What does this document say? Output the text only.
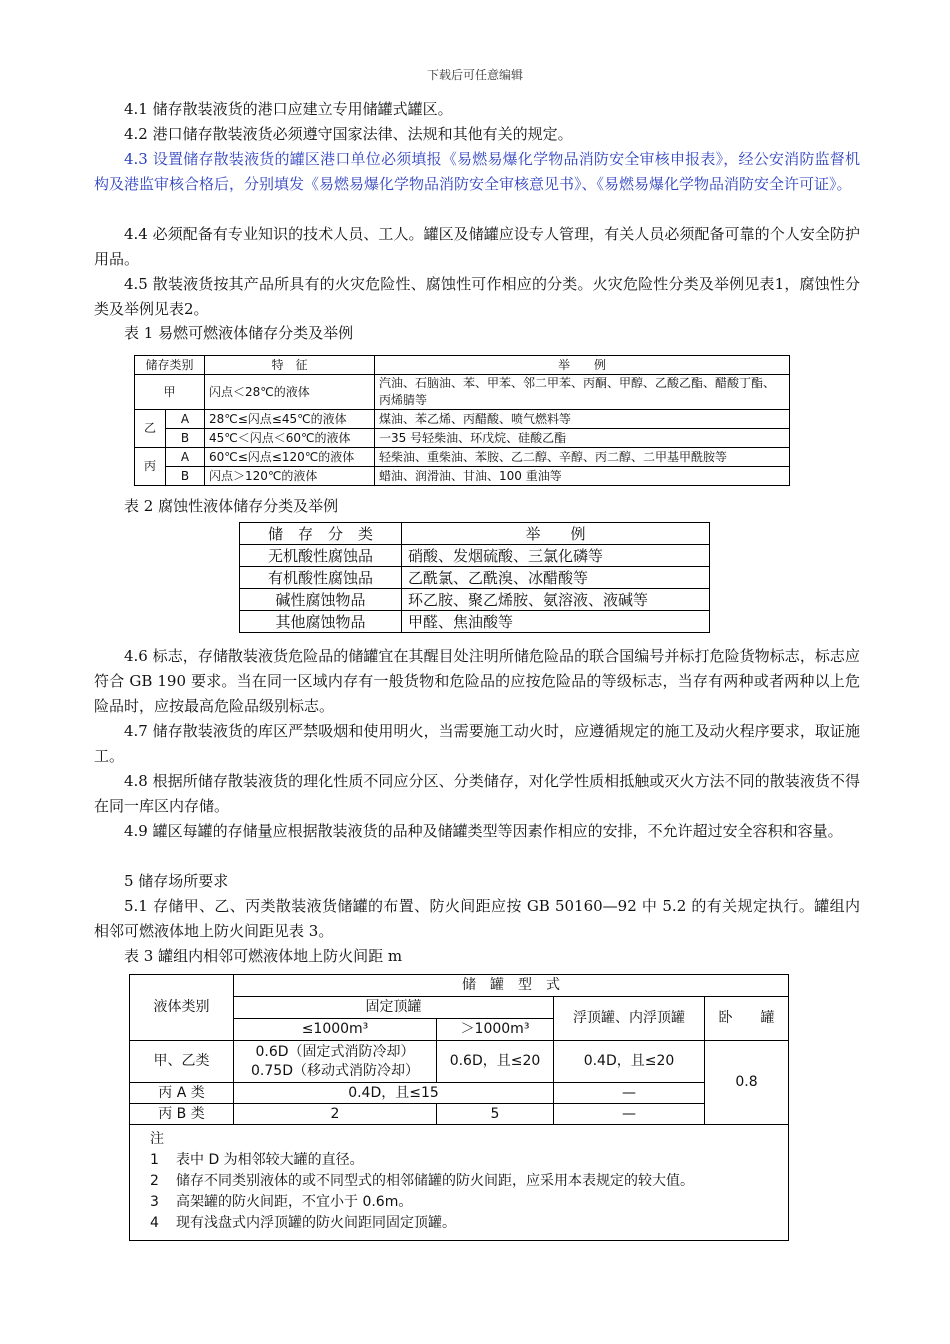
下载后可任意编辑

4.1 储存散装液货的港口应建立专用储罐式罐区。

4.2 港口储存散装液货必须遵守国家法律、法规和其他有关的规定。

4.3 设置储存散装液货的罐区港口单位必须填报《易燃易爆化学物品消防安全审核申报表》，经公安消防监督机构及港监审核合格后，分别填发《易燃易爆化学物品消防安全审核意见书》、《易燃易爆化学物品消防安全许可证》。

4.4 必须配备有专业知识的技术人员、工人。罐区及储罐应设专人管理，有关人员必须配备可靠的个人安全防护用品。

4.5 散装液货按其产品所具有的火灾危险性、腐蚀性可作相应的分类。火灾危险性分类及举例见表1，腐蚀性分类及举例见表2。

表 1 易燃可燃液体储存分类及举例
储存类别		特　征	举　　例
甲		闪点＜28℃的液体	汽油、石脑油、苯、甲苯、邻二甲苯、丙酮、甲醇、乙酸乙酯、醋酸丁酯、丙烯腈等
乙	A	28℃≤闪点≤45℃的液体	煤油、苯乙烯、丙醋酸、喷气燃料等
	B	45℃＜闪点＜60℃的液体	一35 号轻柴油、环戊烷、硅酸乙酯
丙	A	60℃≤闪点≤120℃的液体	轻柴油、重柴油、苯胺、乙二醇、辛醇、丙二醇、二甲基甲酰胺等
	B	闪点＞120℃的液体	蜡油、润滑油、甘油、100 重油等
表 2 腐蚀性液体储存分类及举例
储　存　分　类	举　　例
无机酸性腐蚀品	硝酸、发烟硫酸、三氯化磷等
有机酸性腐蚀品	乙酰氯、乙酰溴、冰醋酸等
碱性腐蚀物品	环乙胺、聚乙烯胺、氨溶液、液碱等
其他腐蚀物品	甲醛、焦油酸等

4.6 标志，存储散装液货危险品的储罐宜在其醒目处注明所储危险品的联合国编号并标打危险货物标志，标志应符合 GB 190 要求。当在同一区域内存有一般货物和危险品的应按危险品的等级标志，当存有两种或者两种以上危险品时，应按最高危险品级别标志。

4.7 储存散装液货的库区严禁吸烟和使用明火，当需要施工动火时，应遵循规定的施工及动火程序要求，取证施工。

4.8 根据所储存散装液货的理化性质不同应分区、分类储存，对化学性质相抵触或灭火方法不同的散装液货不得在同一库区内存储。

4.9 罐区每罐的存储量应根据散装液货的品种及储罐类型等因素作相应的安排，不允许超过安全容积和容量。

5 储存场所要求

5.1 存储甲、乙、丙类散装液货储罐的布置、防火间距应按 GB 50160—92 中 5.2 的有关规定执行。罐组内相邻可燃液体地上防火间距见表 3。

表 3 罐组内相邻可燃液体地上防火间距 m
液体类别	储　罐　型　式			
	固定顶罐		浮顶罐、内浮顶罐	卧　　罐
	≤1000m³	＞1000m³		
甲、乙类	0.6D（固定式消防冷却）
0.75D（移动式消防冷却）	0.6D，且≤20	0.4D，且≤20	0.8
丙 A 类	0.4D，且≤15		—	
丙 B 类	2	5	—	

注
1 表中 D 为相邻较大罐的直径。
2 储存不同类别液体的或不同型式的相邻储罐的防火间距，应采用本表规定的较大值。
3 高架罐的防火间距，不宜小于 0.6m。
4 现有浅盘式内浮顶罐的防火间距同固定顶罐。				
